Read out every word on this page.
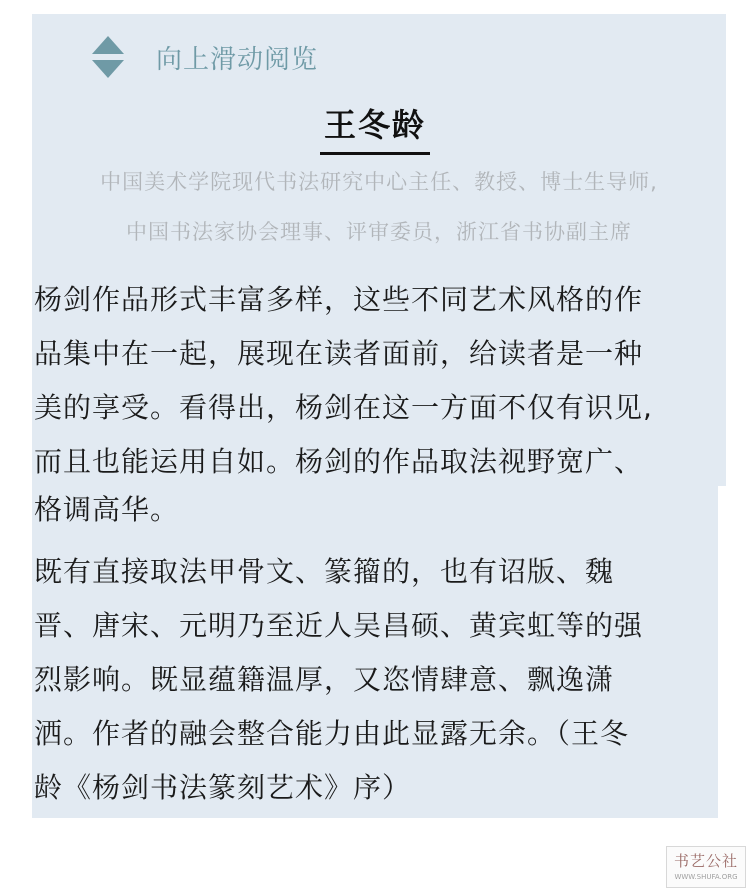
向上滑动阅览
王冬龄
中国美术学院现代书法研究中心主任、教授、博士生导师,
中国书法家协会理事、评审委员，浙江省书协副主席
杨剑作品形式丰富多样，这些不同艺术风格的作
品集中在一起，展现在读者面前，给读者是一种
美的享受。看得出，杨剑在这一方面不仅有识见,
而且也能运用自如。杨剑的作品取法视野宽广、
格调高华。
既有直接取法甲骨文、篆籀的，也有诏版、魏
晋、唐宋、元明乃至近人吴昌硕、黄宾虹等的强
烈影响。既显蕴籍温厚，又恣情肆意、飘逸潇
洒。作者的融会整合能力由此显露无余。（王冬
龄《杨剑书法篆刻艺术》序）
书艺公社
WWW.SHUFA.ORG
